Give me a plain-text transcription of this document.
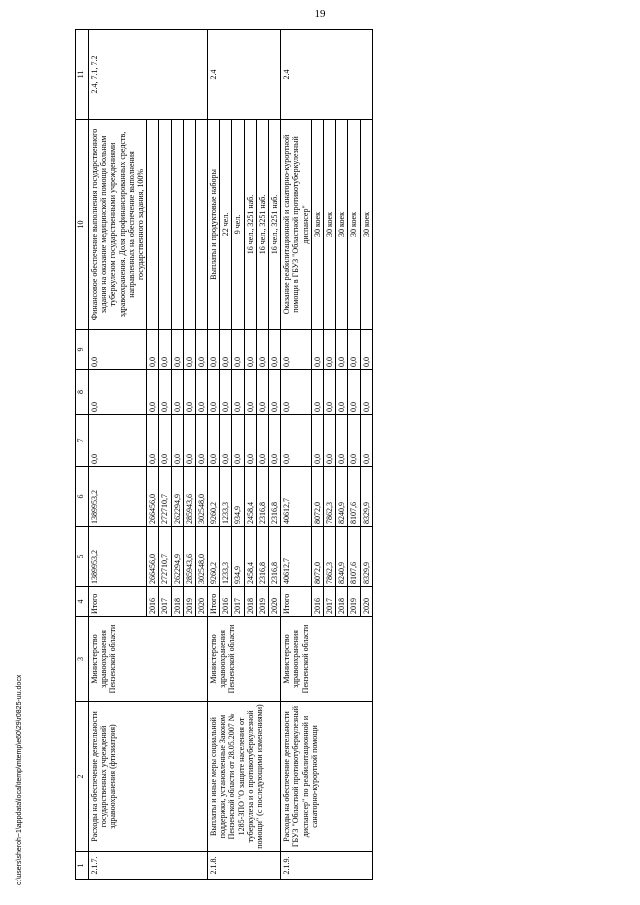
19
1	2	3	4	5	6	7	8	9	10	11
2.1.7.	Расходы на обеспечение деятельности государственных учреждений здравоохранения (фтизиатрия)	Министерство здравоохранения Пензенской области	Итого	1389953,2	1389953,2	0,0	0,0	0,0	Финансовое обеспечение выполнения государственного задания на оказание медицинской помощи больным туберкулезом государственными учреждениями здравоохранения. Доля профинансированных средств, направленных на обеспечение выполнения государственного задания, 100%	2.4, 7.1, 7.2
			2016	266456,0	266456,0	0,0	0,0	0,0		
			2017	272710,7	272710,7	0,0	0,0	0,0		
			2018	262294,9	262294,9	0,0	0,0	0,0		
			2019	285943,6	285943,6	0,0	0,0	0,0		
			2020	302548,0	302548,0	0,0	0,0	0,0		
2.1.8.	Выплаты и иные меры социальной поддержки, установленные Законом Пензенской области от 28.05.2007 № 1285-ЗПО "О защите населения от туберкулеза и о противотуберкулезной помощи" (с последующими изменениями)	Министерство здравоохранения Пензенской области	Итого	9260,2	9260,2	0,0	0,0	0,0	Выплаты и продуктовые наборы	2.4
			2016	1233,3	1233,3	0,0	0,0	0,0	22 чел.	
			2017	934,9	934,9	0,0	0,0	0,0	9 чел.	
			2018	2458,4	2458,4	0,0	0,0	0,0	16 чел., 3251 наб.	
			2019	2316,8	2316,8	0,0	0,0	0,0	16 чел., 3251 наб.	
			2020	2316,8	2316,8	0,0	0,0	0,0	16 чел., 3251 наб.	
2.1.9.	Расходы на обеспечение деятельности ГБУЗ "Областной противотуберкулезный диспансер" по реабилитационной и санаторно-курортной помощи	Министерство здравоохранения Пензенской области	Итого	40612,7	40612,7	0,0	0,0	0,0	Оказание реабилитационной и санаторно-курортной помощи в ГБУЗ "Областной противотуберкулезный диспансер"	2.4
			2016	8072,0	8072,0	0,0	0,0	0,0	30 коек	
			2017	7862,3	7862,3	0,0	0,0	0,0	30 коек	
			2018	8240,9	8240,9	0,0	0,0	0,0	30 коек	
			2019	8107,6	8107,6	0,0	0,0	0,0	30 коек	
			2020	8329,9	8329,9	0,0	0,0	0,0	30 коек	
c:\users\sheroh~1\appdata\local\temp\mtemp\e60\29\r0825-uu.docx
